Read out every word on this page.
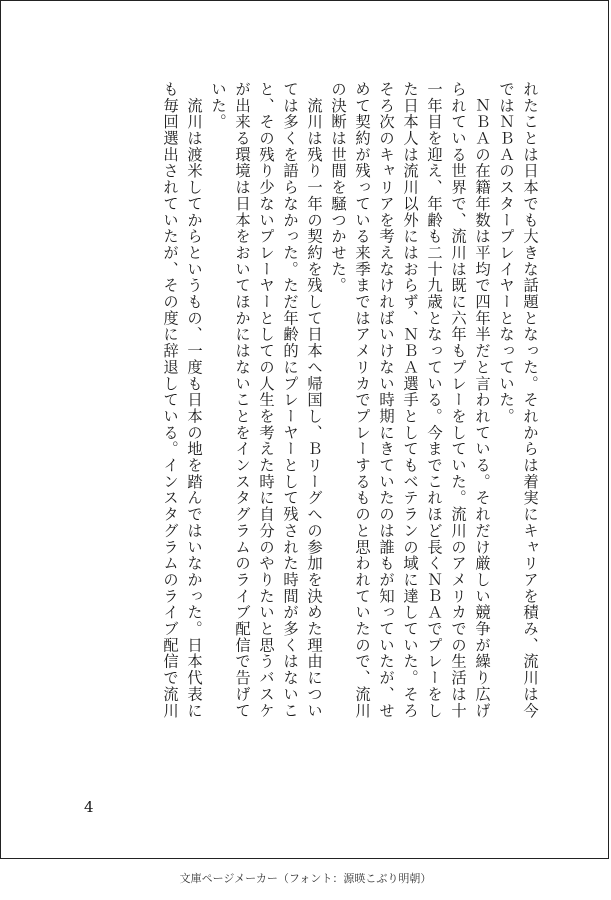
れたことは日本でも大きな話題となった。それからは着実にキャリアを積み、流川は今
ではＮＢＡのスタープレイヤーとなっていた。
　ＮＢＡの在籍年数は平均で四年半だと言われている。それだけ厳しい競争が繰り広げ
られている世界で、流川は既に六年もプレーをしていた。流川のアメリカでの生活は十
一年目を迎え、年齢も二十九歳となっている。今までこれほど長くＮＢＡでプレーをし
た日本人は流川以外にはおらず、ＮＢＡ選手としてもベテランの域に達していた。そろ
そろ次のキャリアを考えなければいけない時期にきていたのは誰もが知っていたが、せ
めて契約が残っている来季まではアメリカでプレーするものと思われていたので、流川
の決断は世間を騒つかせた。
　流川は残り一年の契約を残して日本へ帰国し、Ｂリーグへの参加を決めた理由につい
ては多くを語らなかった。ただ年齢的にプレーヤーとして残された時間が多くはないこ
と、その残り少ないプレーヤーとしての人生を考えた時に自分のやりたいと思うバスケ
が出来る環境は日本をおいてほかにはないことをインスタグラムのライブ配信で告げて
いた。
　流川は渡米してからというもの、一度も日本の地を踏んではいなかった。日本代表に
も毎回選出されていたが、その度に辞退している。インスタグラムのライブ配信で流川
4
文庫ページメーカー（フォント：源暎こぶり明朝）
